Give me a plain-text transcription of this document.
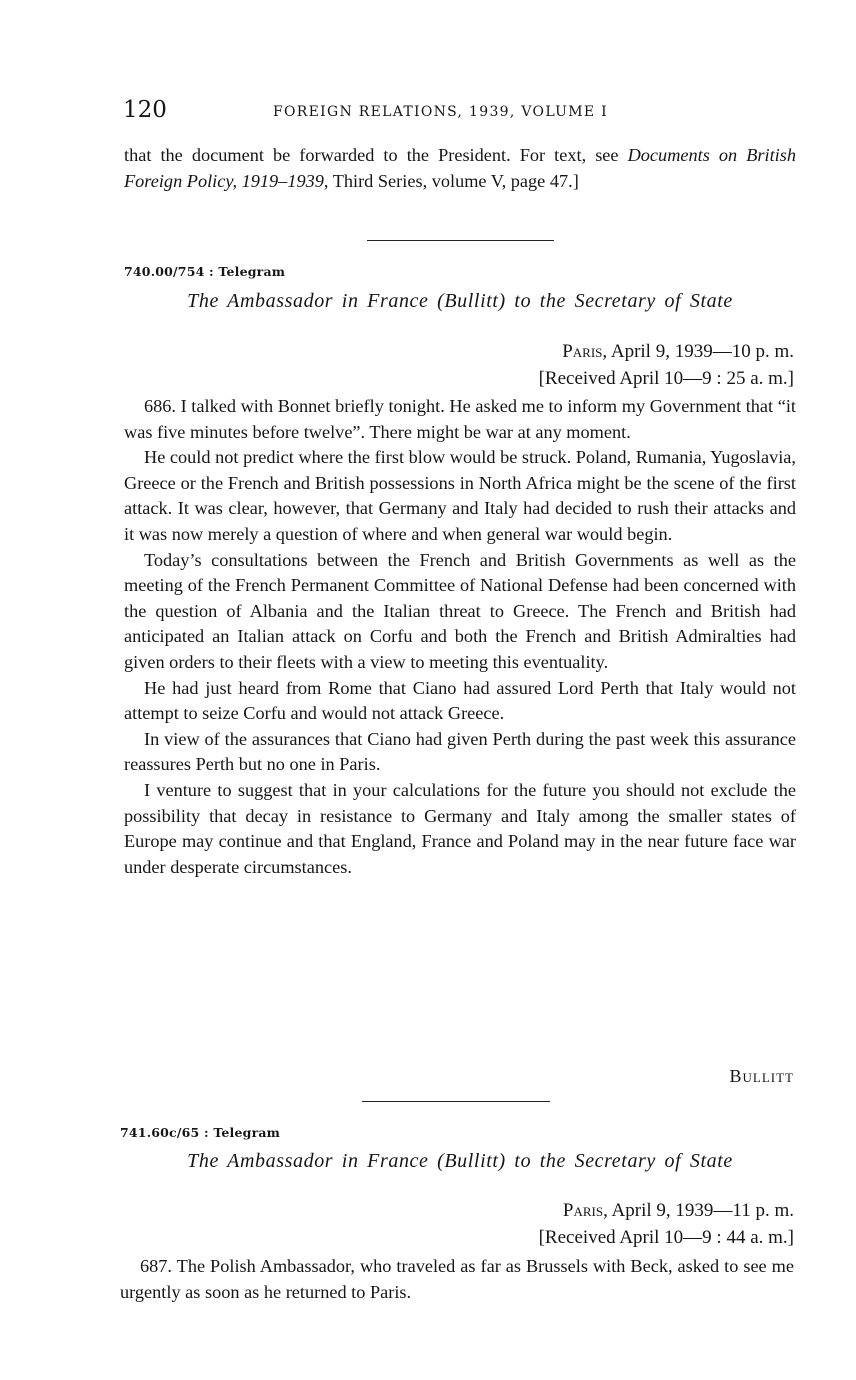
120	FOREIGN RELATIONS, 1939, VOLUME I

that the document be forwarded to the President. For text, see Documents on British Foreign Policy, 1919–1939, Third Series, volume V, page 47.]

740.00/754 : Telegram
The Ambassador in France (Bullitt) to the Secretary of State
Paris, April 9, 1939—10 p. m.
[Received April 10—9 : 25 a. m.]

686. I talked with Bonnet briefly tonight. He asked me to inform my Government that “it was five minutes before twelve”. There might be war at any moment.

He could not predict where the first blow would be struck. Poland, Rumania, Yugoslavia, Greece or the French and British possessions in North Africa might be the scene of the first attack. It was clear, however, that Germany and Italy had decided to rush their attacks and it was now merely a question of where and when general war would begin.

Today’s consultations between the French and British Governments as well as the meeting of the French Permanent Committee of National Defense had been concerned with the question of Albania and the Italian threat to Greece. The French and British had anticipated an Italian attack on Corfu and both the French and British Admiralties had given orders to their fleets with a view to meeting this eventuality.

He had just heard from Rome that Ciano had assured Lord Perth that Italy would not attempt to seize Corfu and would not attack Greece.

In view of the assurances that Ciano had given Perth during the past week this assurance reassures Perth but no one in Paris.

I venture to suggest that in your calculations for the future you should not exclude the possibility that decay in resistance to Germany and Italy among the smaller states of Europe may continue and that England, France and Poland may in the near future face war under desperate circumstances.

Bullitt
741.60c/65 : Telegram
The Ambassador in France (Bullitt) to the Secretary of State
Paris, April 9, 1939—11 p. m.
[Received April 10—9 : 44 a. m.]

687. The Polish Ambassador, who traveled as far as Brussels with Beck, asked to see me urgently as soon as he returned to Paris.
